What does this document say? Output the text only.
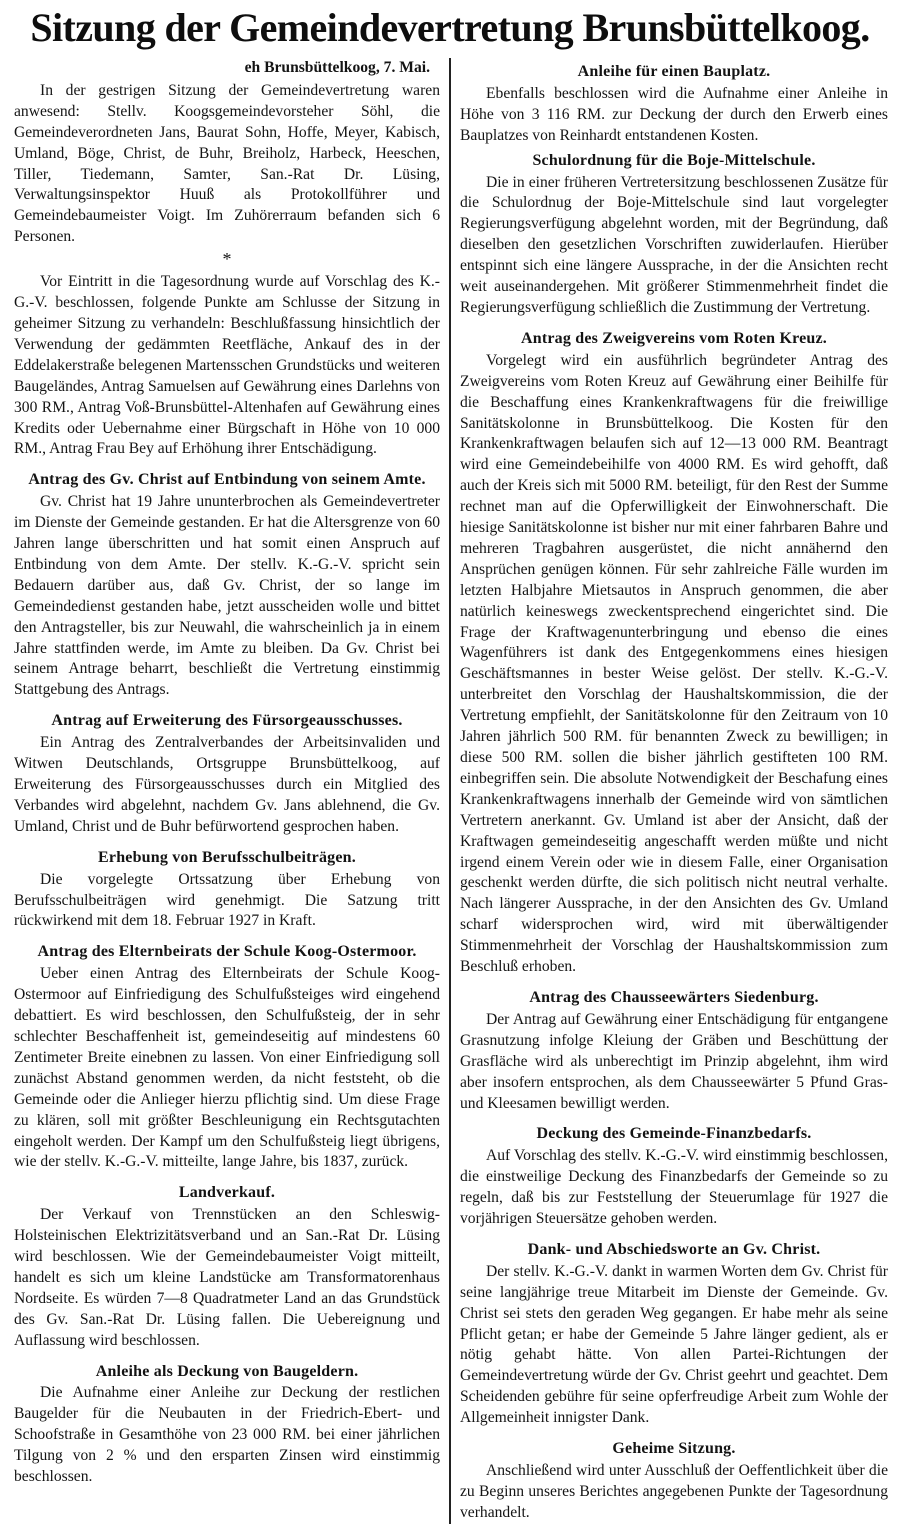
Sitzung der Gemeindevertretung Brunsbüttelkoog.
eh Brunsbüttelkoog, 7. Mai.

In der gestrigen Sitzung der Gemeindevertretung waren anwesend: Stellv. Koogsgemeindevorsteher Söhl, die Gemeindeverordneten Jans, Baurat Sohn, Hoffe, Meyer, Kabisch, Umland, Böge, Christ, de Buhr, Breiholz, Harbeck, Heeschen, Tiller, Tiedemann, Samter, San.-Rat Dr. Lüsing, Verwaltungsinspektor Huuß als Protokollführer und Gemeindebaumeister Voigt. Im Zuhörerraum befanden sich 6 Personen.

*

Vor Eintritt in die Tagesordnung wurde auf Vorschlag des K.-G.-V. beschlossen, folgende Punkte am Schlusse der Sitzung in geheimer Sitzung zu verhandeln: Beschlußfassung hinsichtlich der Verwendung der gedämmten Reetfläche, Ankauf des in der Eddelakerstraße belegenen Martensschen Grundstücks und weiteren Baugeländes, Antrag Samuelsen auf Gewährung eines Darlehns von 300 RM., Antrag Voß-Brunsbüttel-Altenhafen auf Gewährung eines Kredits oder Uebernahme einer Bürgschaft in Höhe von 10 000 RM., Antrag Frau Bey auf Erhöhung ihrer Entschädigung.

Antrag des Gv. Christ auf Entbindung von seinem Amte.

Gv. Christ hat 19 Jahre ununterbrochen als Gemeindevertreter im Dienste der Gemeinde gestanden. Er hat die Altersgrenze von 60 Jahren lange überschritten und hat somit einen Anspruch auf Entbindung von dem Amte. Der stellv. K.-G.-V. spricht sein Bedauern darüber aus, daß Gv. Christ, der so lange im Gemeindedienst gestanden habe, jetzt ausscheiden wolle und bittet den Antragsteller, bis zur Neuwahl, die wahrscheinlich ja in einem Jahre stattfinden werde, im Amte zu bleiben. Da Gv. Christ bei seinem Antrage beharrt, beschließt die Vertretung einstimmig Stattgebung des Antrags.

Antrag auf Erweiterung des Fürsorgeausschusses.

Ein Antrag des Zentralverbandes der Arbeitsinvaliden und Witwen Deutschlands, Ortsgruppe Brunsbüttelkoog, auf Erweiterung des Fürsorgeausschusses durch ein Mitglied des Verbandes wird abgelehnt, nachdem Gv. Jans ablehnend, die Gv. Umland, Christ und de Buhr befürwortend gesprochen haben.

Erhebung von Berufsschulbeiträgen.

Die vorgelegte Ortssatzung über Erhebung von Berufsschulbeiträgen wird genehmigt. Die Satzung tritt rückwirkend mit dem 18. Februar 1927 in Kraft.

Antrag des Elternbeirats der Schule Koog-Ostermoor.

Ueber einen Antrag des Elternbeirats der Schule Koog-Ostermoor auf Einfriedigung des Schulfußsteiges wird eingehend debattiert. Es wird beschlossen, den Schulfußsteig, der in sehr schlechter Beschaffenheit ist, gemeindeseitig auf mindestens 60 Zentimeter Breite einebnen zu lassen. Von einer Einfriedigung soll zunächst Abstand genommen werden, da nicht feststeht, ob die Gemeinde oder die Anlieger hierzu pflichtig sind. Um diese Frage zu klären, soll mit größter Beschleunigung ein Rechtsgutachten eingeholt werden. Der Kampf um den Schulfußsteig liegt übrigens, wie der stellv. K.-G.-V. mitteilte, lange Jahre, bis 1837, zurück.

Landverkauf.

Der Verkauf von Trennstücken an den Schleswig-Holsteinischen Elektrizitätsverband und an San.-Rat Dr. Lüsing wird beschlossen. Wie der Gemeindebaumeister Voigt mitteilt, handelt es sich um kleine Landstücke am Transformatorenhaus Nordseite. Es würden 7—8 Quadratmeter Land an das Grundstück des Gv. San.-Rat Dr. Lüsing fallen. Die Uebereignung und Auflassung wird beschlossen.

Anleihe als Deckung von Baugeldern.

Die Aufnahme einer Anleihe zur Deckung der restlichen Baugelder für die Neubauten in der Friedrich-Ebert- und Schoofstraße in Gesamthöhe von 23 000 RM. bei einer jährlichen Tilgung von 2 % und den ersparten Zinsen wird einstimmig beschlossen.

Anleihe für einen Bauplatz.

Ebenfalls beschlossen wird die Aufnahme einer Anleihe in Höhe von 3 116 RM. zur Deckung der durch den Erwerb eines Bauplatzes von Reinhardt entstandenen Kosten.

Schulordnung für die Boje-Mittelschule.

Die in einer früheren Vertretersitzung beschlossenen Zusätze für die Schulordnug der Boje-Mittelschule sind laut vorgelegter Regierungsverfügung abgelehnt worden, mit der Begründung, daß dieselben den gesetzlichen Vorschriften zuwiderlaufen. Hierüber entspinnt sich eine längere Aussprache, in der die Ansichten recht weit auseinandergehen. Mit größerer Stimmenmehrheit findet die Regierungsverfügung schließlich die Zustimmung der Vertretung.

Antrag des Zweigvereins vom Roten Kreuz.

Vorgelegt wird ein ausführlich begründeter Antrag des Zweigvereins vom Roten Kreuz auf Gewährung einer Beihilfe für die Beschaffung eines Krankenkraftwagens für die freiwillige Sanitätskolonne in Brunsbüttelkoog. Die Kosten für den Krankenkraftwagen belaufen sich auf 12—13 000 RM. Beantragt wird eine Gemeindebeihilfe von 4000 RM. Es wird gehofft, daß auch der Kreis sich mit 5000 RM. beteiligt, für den Rest der Summe rechnet man auf die Opferwilligkeit der Einwohnerschaft. Die hiesige Sanitätskolonne ist bisher nur mit einer fahrbaren Bahre und mehreren Tragbahren ausgerüstet, die nicht annähernd den Ansprüchen genügen können. Für sehr zahlreiche Fälle wurden im letzten Halbjahre Mietsautos in Anspruch genommen, die aber natürlich keineswegs zweckentsprechend eingerichtet sind. Die Frage der Kraftwagenunterbringung und ebenso die eines Wagenführers ist dank des Entgegenkommens eines hiesigen Geschäftsmannes in bester Weise gelöst. Der stellv. K.-G.-V. unterbreitet den Vorschlag der Haushaltskommission, die der Vertretung empfiehlt, der Sanitätskolonne für den Zeitraum von 10 Jahren jährlich 500 RM. für benannten Zweck zu bewilligen; in diese 500 RM. sollen die bisher jährlich gestifteten 100 RM. einbegriffen sein. Die absolute Notwendigkeit der Beschafung eines Krankenkraftwagens innerhalb der Gemeinde wird von sämtlichen Vertretern anerkannt. Gv. Umland ist aber der Ansicht, daß der Kraftwagen gemeindeseitig angeschafft werden müßte und nicht irgend einem Verein oder wie in diesem Falle, einer Organisation geschenkt werden dürfte, die sich politisch nicht neutral verhalte. Nach längerer Aussprache, in der den Ansichten des Gv. Umland scharf widersprochen wird, wird mit überwältigender Stimmenmehrheit der Vorschlag der Haushaltskommission zum Beschluß erhoben.

Antrag des Chausseewärters Siedenburg.

Der Antrag auf Gewährung einer Entschädigung für entgangene Grasnutzung infolge Kleiung der Gräben und Beschüttung der Grasfläche wird als unberechtigt im Prinzip abgelehnt, ihm wird aber insofern entsprochen, als dem Chausseewärter 5 Pfund Gras- und Kleesamen bewilligt werden.

Deckung des Gemeinde-Finanzbedarfs.

Auf Vorschlag des stellv. K.-G.-V. wird einstimmig beschlossen, die einstweilige Deckung des Finanzbedarfs der Gemeinde so zu regeln, daß bis zur Feststellung der Steuerumlage für 1927 die vorjährigen Steuersätze gehoben werden.

Dank- und Abschiedsworte an Gv. Christ.

Der stellv. K.-G.-V. dankt in warmen Worten dem Gv. Christ für seine langjährige treue Mitarbeit im Dienste der Gemeinde. Gv. Christ sei stets den geraden Weg gegangen. Er habe mehr als seine Pflicht getan; er habe der Gemeinde 5 Jahre länger gedient, als er nötig gehabt hätte. Von allen Partei-Richtungen der Gemeindevertretung würde der Gv. Christ geehrt und geachtet. Dem Scheidenden gebühre für seine opferfreudige Arbeit zum Wohle der Allgemeinheit innigster Dank.

Geheime Sitzung.

Anschließend wird unter Ausschluß der Oeffentlichkeit über die zu Beginn unseres Berichtes angegebenen Punkte der Tagesordnung verhandelt.
